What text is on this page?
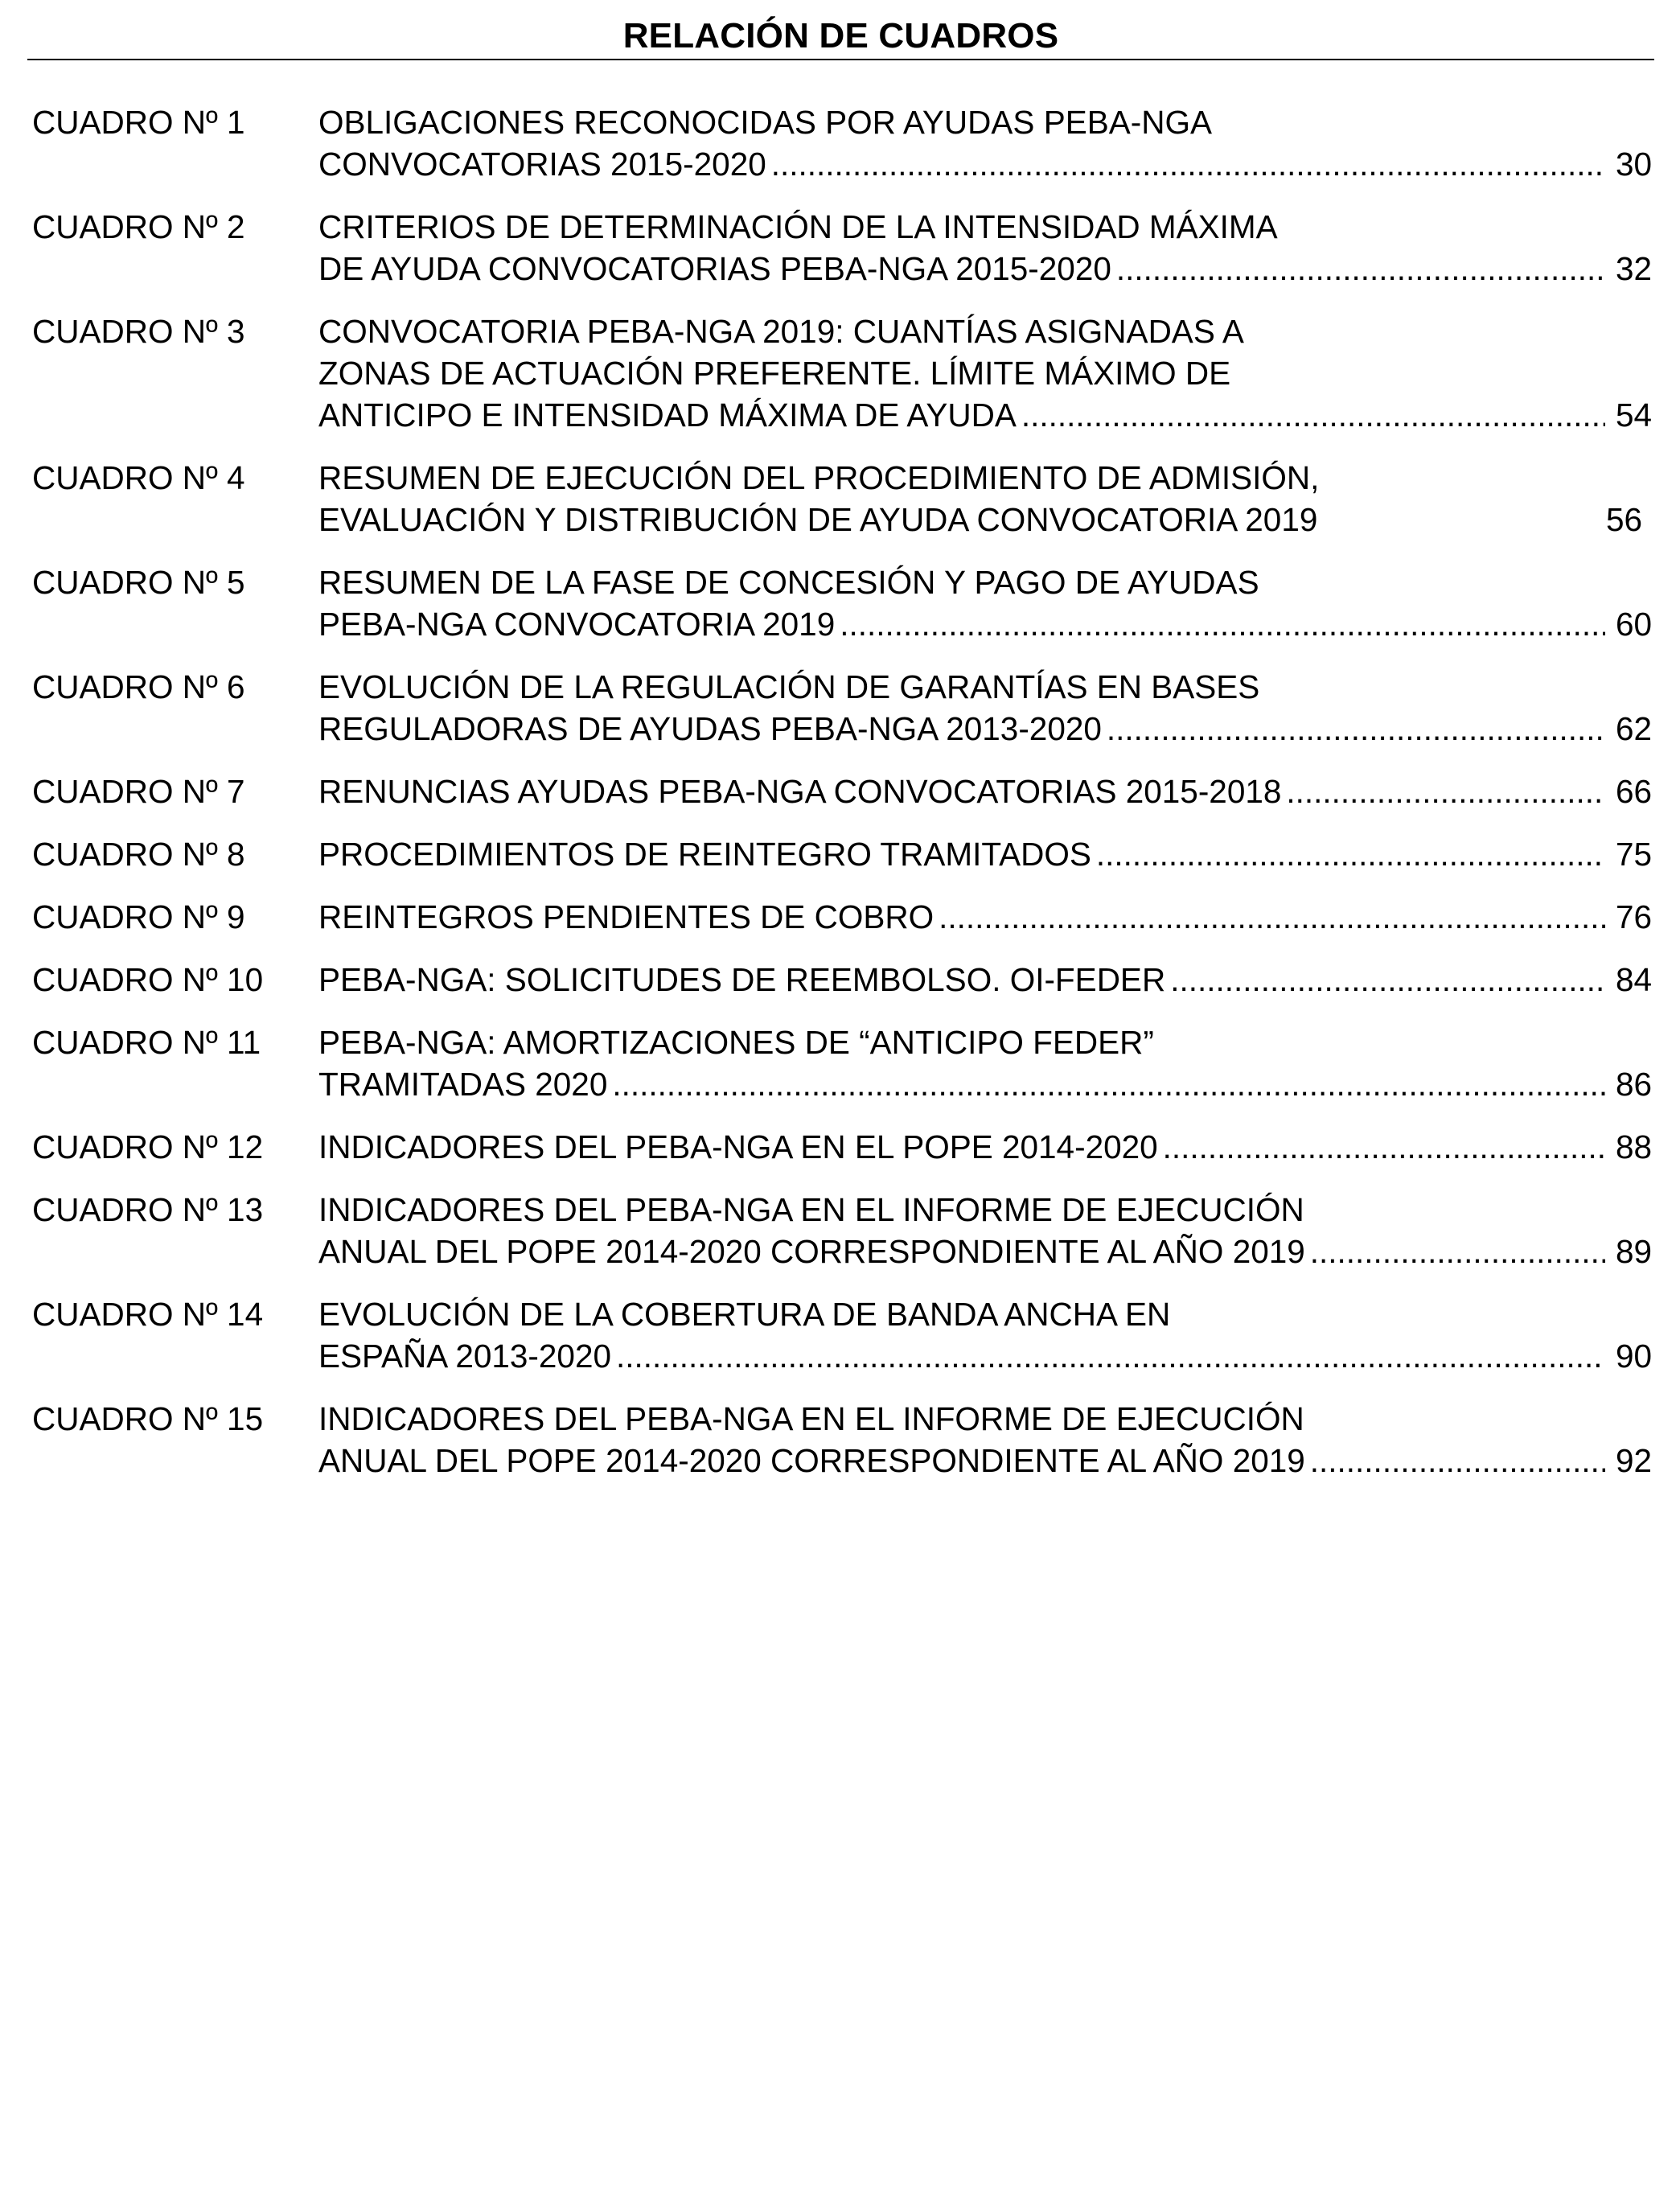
RELACIÓN DE CUADROS
CUADRO Nº 1	OBLIGACIONES RECONOCIDAS POR AYUDAS PEBA-NGA
CONVOCATORIAS 2015-2020 .....	30
CUADRO Nº 2	CRITERIOS DE DETERMINACIÓN DE LA INTENSIDAD MÁXIMA
DE AYUDA CONVOCATORIAS PEBA-NGA 2015-2020 .....	32
CUADRO Nº 3	CONVOCATORIA PEBA-NGA 2019: CUANTÍAS ASIGNADAS A
ZONAS DE ACTUACIÓN PREFERENTE. LÍMITE MÁXIMO DE
ANTICIPO E INTENSIDAD MÁXIMA DE AYUDA .....	54
CUADRO Nº 4	RESUMEN DE EJECUCIÓN DEL PROCEDIMIENTO DE ADMISIÓN,
EVALUACIÓN Y DISTRIBUCIÓN DE AYUDA CONVOCATORIA 2019	56
CUADRO Nº 5	RESUMEN DE LA FASE DE CONCESIÓN Y PAGO DE AYUDAS
PEBA-NGA CONVOCATORIA 2019 .....	60
CUADRO Nº 6	EVOLUCIÓN DE LA REGULACIÓN DE GARANTÍAS EN BASES
REGULADORAS DE AYUDAS PEBA-NGA 2013-2020 .....	62
CUADRO Nº 7	RENUNCIAS AYUDAS PEBA-NGA CONVOCATORIAS 2015-2018 .....	66
CUADRO Nº 8	PROCEDIMIENTOS DE REINTEGRO TRAMITADOS .....	75
CUADRO Nº 9	REINTEGROS PENDIENTES DE COBRO .....	76
CUADRO Nº 10	PEBA-NGA: SOLICITUDES DE REEMBOLSO. OI-FEDER .....	84
CUADRO Nº 11	PEBA-NGA: AMORTIZACIONES DE “ANTICIPO FEDER”
TRAMITADAS 2020 .....	86
CUADRO Nº 12	INDICADORES DEL PEBA-NGA EN EL POPE 2014-2020 .....	88
CUADRO Nº 13	INDICADORES DEL PEBA-NGA EN EL INFORME DE EJECUCIÓN
ANUAL DEL POPE 2014-2020 CORRESPONDIENTE AL AÑO 2019 .....	89
CUADRO Nº 14	EVOLUCIÓN DE LA COBERTURA DE BANDA ANCHA EN
ESPAÑA 2013-2020 .....	90
CUADRO Nº 15	INDICADORES DEL PEBA-NGA EN EL INFORME DE EJECUCIÓN
ANUAL DEL POPE 2014-2020 CORRESPONDIENTE AL AÑO 2019 .....	92
